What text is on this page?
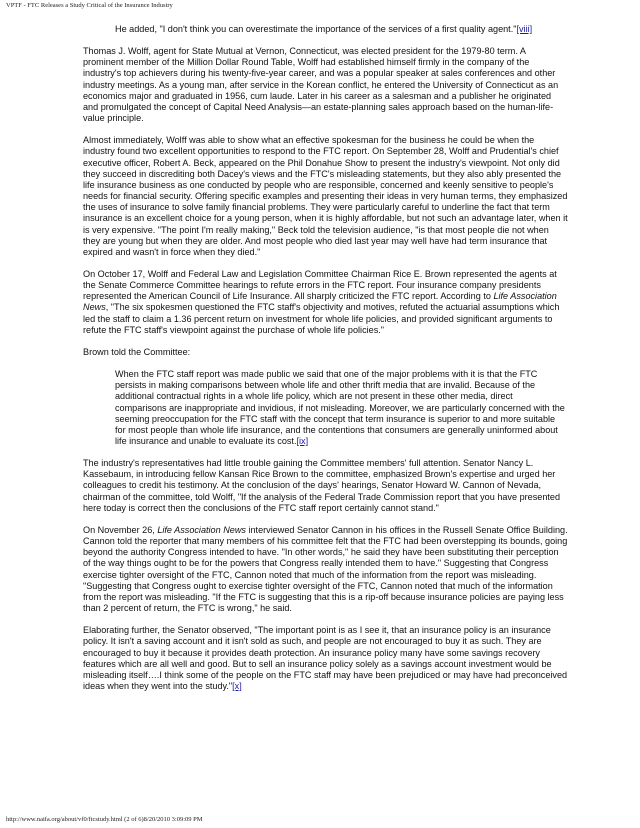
VPTF - FTC Releases a Study Critical of the Insurance Industry

He added, "I don't think you can overestimate the importance of the services of a first quality agent."[viii]

Thomas J. Wolff, agent for State Mutual at Vernon, Connecticut, was elected president for the 1979-80 term. A prominent member of the Million Dollar Round Table, Wolff had established himself firmly in the company of the industry's top achievers during his twenty-five-year career, and was a popular speaker at sales conferences and other industry meetings. As a young man, after service in the Korean conflict, he entered the University of Connecticut as an economics major and graduated in 1956, cum laude. Later in his career as a salesman and a publisher he originated and promulgated the concept of Capital Need Analysis—an estate-planning sales approach based on the human-life-value principle.

Almost immediately, Wolff was able to show what an effective spokesman for the business he could be when the industry found two excellent opportunities to respond to the FTC report. On September 28, Wolff and Prudential's chief executive officer, Robert A. Beck, appeared on the Phil Donahue Show to present the industry's viewpoint. Not only did they succeed in discrediting both Dacey's views and the FTC's misleading statements, but they also ably presented the life insurance business as one conducted by people who are responsible, concerned and keenly sensitive to people's needs for financial security. Offering specific examples and presenting their ideas in very human terms, they emphasized the uses of insurance to solve family financial problems. They were particularly careful to underline the fact that term insurance is an excellent choice for a young person, when it is highly affordable, but not such an advantage later, when it is very expensive. "The point I'm really making," Beck told the television audience, "is that most people die not when they are young but when they are older. And most people who died last year may well have had term insurance that expired and wasn't in force when they died."

On October 17, Wolff and Federal Law and Legislation Committee Chairman Rice E. Brown represented the agents at the Senate Commerce Committee hearings to refute errors in the FTC report. Four insurance company presidents represented the American Council of Life Insurance. All sharply criticized the FTC report. According to Life Association News, "The six spokesmen questioned the FTC staff's objectivity and motives, refuted the actuarial assumptions which led the staff to claim a 1.36 percent return on investment for whole life policies, and provided significant arguments to refute the FTC staff's viewpoint against the purchase of whole life policies."

Brown told the Committee:

When the FTC staff report was made public we said that one of the major problems with it is that the FTC persists in making comparisons between whole life and other thrift media that are invalid. Because of the additional contractual rights in a whole life policy, which are not present in these other media, direct comparisons are inappropriate and invidious, if not misleading. Moreover, we are particularly concerned with the seeming preoccupation for the FTC staff with the concept that term insurance is superior to and more suitable for most people than whole life insurance, and the contentions that consumers are generally uninformed about life insurance and unable to evaluate its cost.[ix]

The industry's representatives had little trouble gaining the Committee members' full attention. Senator Nancy L. Kassebaum, in introducing fellow Kansan Rice Brown to the committee, emphasized Brown's expertise and urged her colleagues to credit his testimony. At the conclusion of the days' hearings, Senator Howard W. Cannon of Nevada, chairman of the committee, told Wolff, "If the analysis of the Federal Trade Commission report that you have presented here today is correct then the conclusions of the FTC staff report certainly cannot stand."

On November 26, Life Association News interviewed Senator Cannon in his offices in the Russell Senate Office Building. Cannon told the reporter that many members of his committee felt that the FTC had been overstepping its bounds, going beyond the authority Congress intended to have. "In other words," he said they have been substituting their perception of the way things ought to be for the powers that Congress really intended them to have." Suggesting that Congress exercise tighter oversight of the FTC, Cannon noted that much of the information from the report was misleading. "Suggesting that Congress ought to exercise tighter oversight of the FTC, Cannon noted that much of the information from the report was misleading. "If the FTC is suggesting that this is a rip-off because insurance policies are paying less than 2 percent of return, the FTC is wrong," he said.

Elaborating further, the Senator observed, "The important point is as I see it, that an insurance policy is an insurance policy. It isn't a saving account and it isn't sold as such, and people are not encouraged to buy it as such. They are encouraged to buy it because it provides death protection. An insurance policy many have some savings recovery features which are all well and good. But to sell an insurance policy solely as a savings account investment would be misleading itself….I think some of the people on the FTC staff may have been prejudiced or may have had preconceived ideas when they went into the study."[x]

http://www.naifa.org/about/vf0/ftcstudy.html (2 of 6)8/20/2010 3:09:09 PM
